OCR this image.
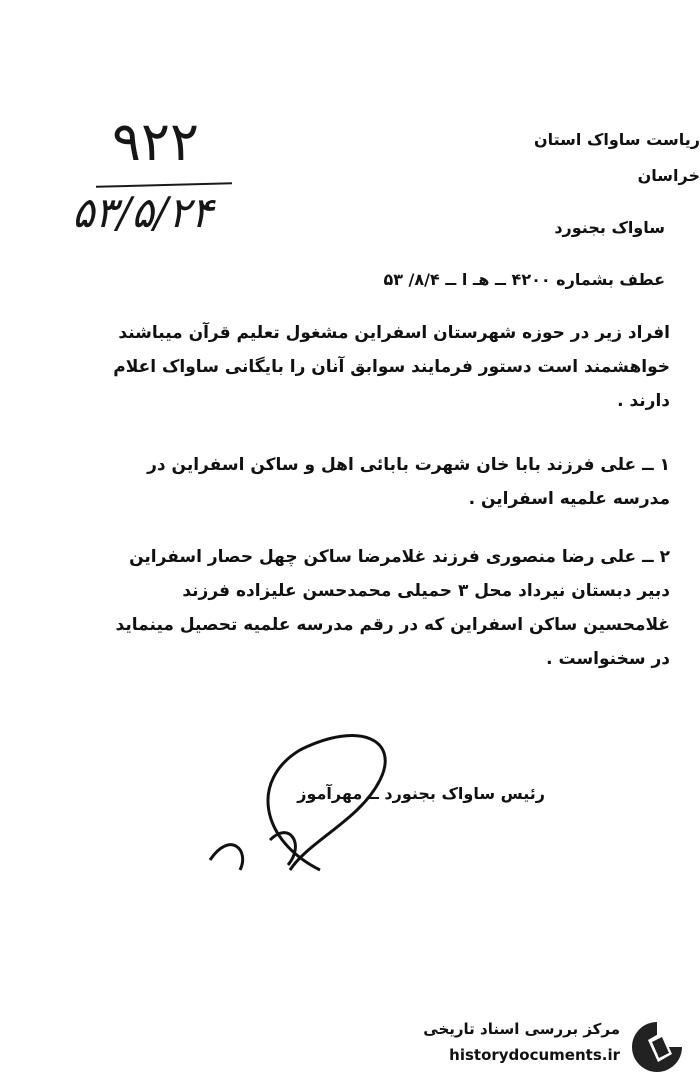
۹۲۲
۵۳/۵/۲۴
ریاست ساواک استان
خراسان
ساواک بجنورد
عطف بشماره ۴۲۰۰ ــ هـ ا ــ ۸/۴/ ۵۳
افراد زیر در حوزه شهرستان اسفراین مشغول تعلیم قرآن میباشند خواهشمند است دستور فرمایند سوابق آنان را بایگانی ساواک اعلام دارند .
۱ ــ علی فرزند بابا خان شهرت بابائی اهل و ساکن اسفراین در مدرسه علمیه اسفراین .
۲ ــ علی رضا منصوری فرزند غلامرضا ساکن چهل حصار اسفراین دبیر دبستان نیرداد محل ۳ حمیلی محمدحسن علیزاده فرزند غلامحسین ساکن اسفراین که در رقم مدرسه علمیه تحصیل مینماید در سخنواست .
رئیس ساواک بجنورد ــ مهرآموز
مرکز بررسی اسناد تاریخی
historydocuments.ir
